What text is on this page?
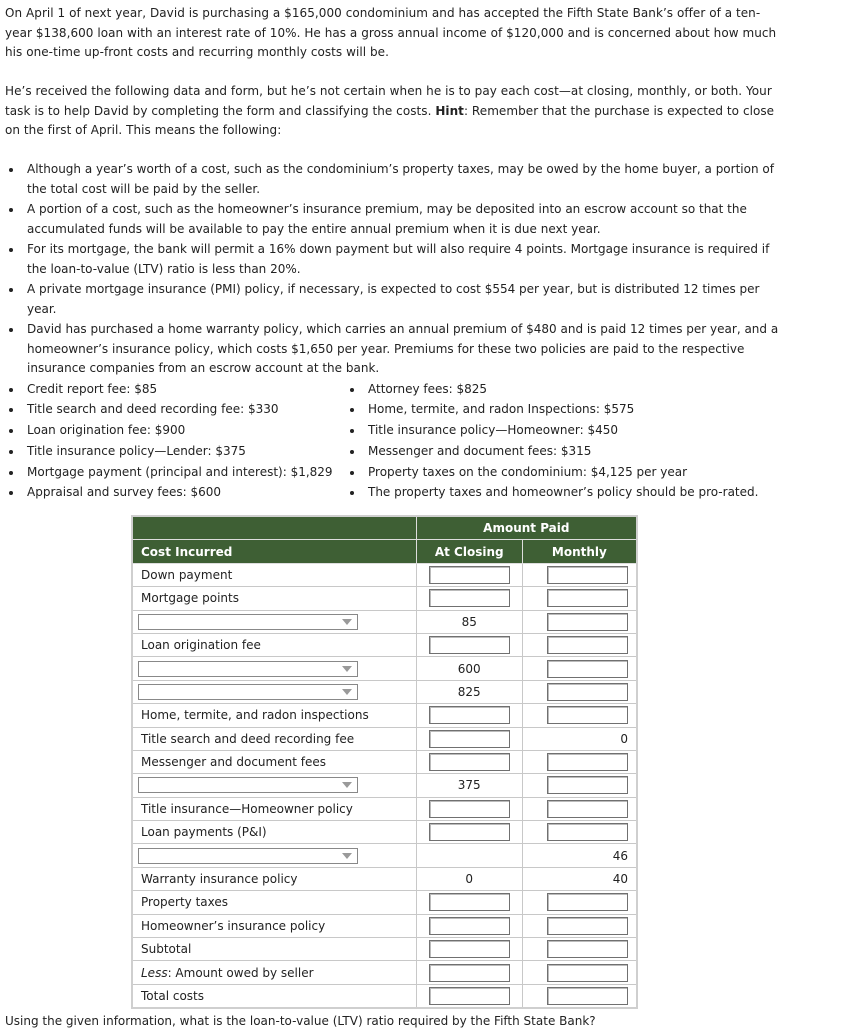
On April 1 of next year, David is purchasing a $165,000 condominium and has accepted the Fifth State Bank’s offer of a ten-year $138,600 loan with an interest rate of 10%. He has a gross annual income of $120,000 and is concerned about how much his one-time up-front costs and recurring monthly costs will be.

He’s received the following data and form, but he’s not certain when he is to pay each cost—at closing, monthly, or both. Your task is to help David by completing the form and classifying the costs. Hint: Remember that the purchase is expected to close on the first of April. This means the following:

Although a year’s worth of a cost, such as the condominium’s property taxes, may be owed by the home buyer, a portion of the total cost will be paid by the seller.
A portion of a cost, such as the homeowner’s insurance premium, may be deposited into an escrow account so that the accumulated funds will be available to pay the entire annual premium when it is due next year.
For its mortgage, the bank will permit a 16% down payment but will also require 4 points. Mortgage insurance is required if the loan-to-value (LTV) ratio is less than 20%.
A private mortgage insurance (PMI) policy, if necessary, is expected to cost $554 per year, but is distributed 12 times per year.
David has purchased a home warranty policy, which carries an annual premium of $480 and is paid 12 times per year, and a homeowner’s insurance policy, which costs $1,650 per year. Premiums for these two policies are paid to the respective insurance companies from an escrow account at the bank.
Credit report fee: $85
Title search and deed recording fee: $330
Loan origination fee: $900
Title insurance policy—Lender: $375
Mortgage payment (principal and interest): $1,829
Appraisal and survey fees: $600
Attorney fees: $825
Home, termite, and radon Inspections: $575
Title insurance policy—Homeowner: $450
Messenger and document fees: $315
Property taxes on the condominium: $4,125 per year
The property taxes and homeowner’s policy should be pro-rated.
	Amount Paid	
Cost Incurred	At Closing	Monthly
Down payment	

Mortgage points	

	85	

Loan origination fee	

	600	

	825	

Home, termite, and radon inspections	

Title search and deed recording fee		0
Messenger and document fees	

	375	

Title insurance—Homeowner policy	

Loan payments (P&I)	

		46
Warranty insurance policy	0	40
Property taxes	

Homeowner’s insurance policy	

Subtotal	

Less: Amount owed by seller	

Total costs	

Using the given information, what is the loan-to-value (LTV) ratio required by the Fifth State Bank?
